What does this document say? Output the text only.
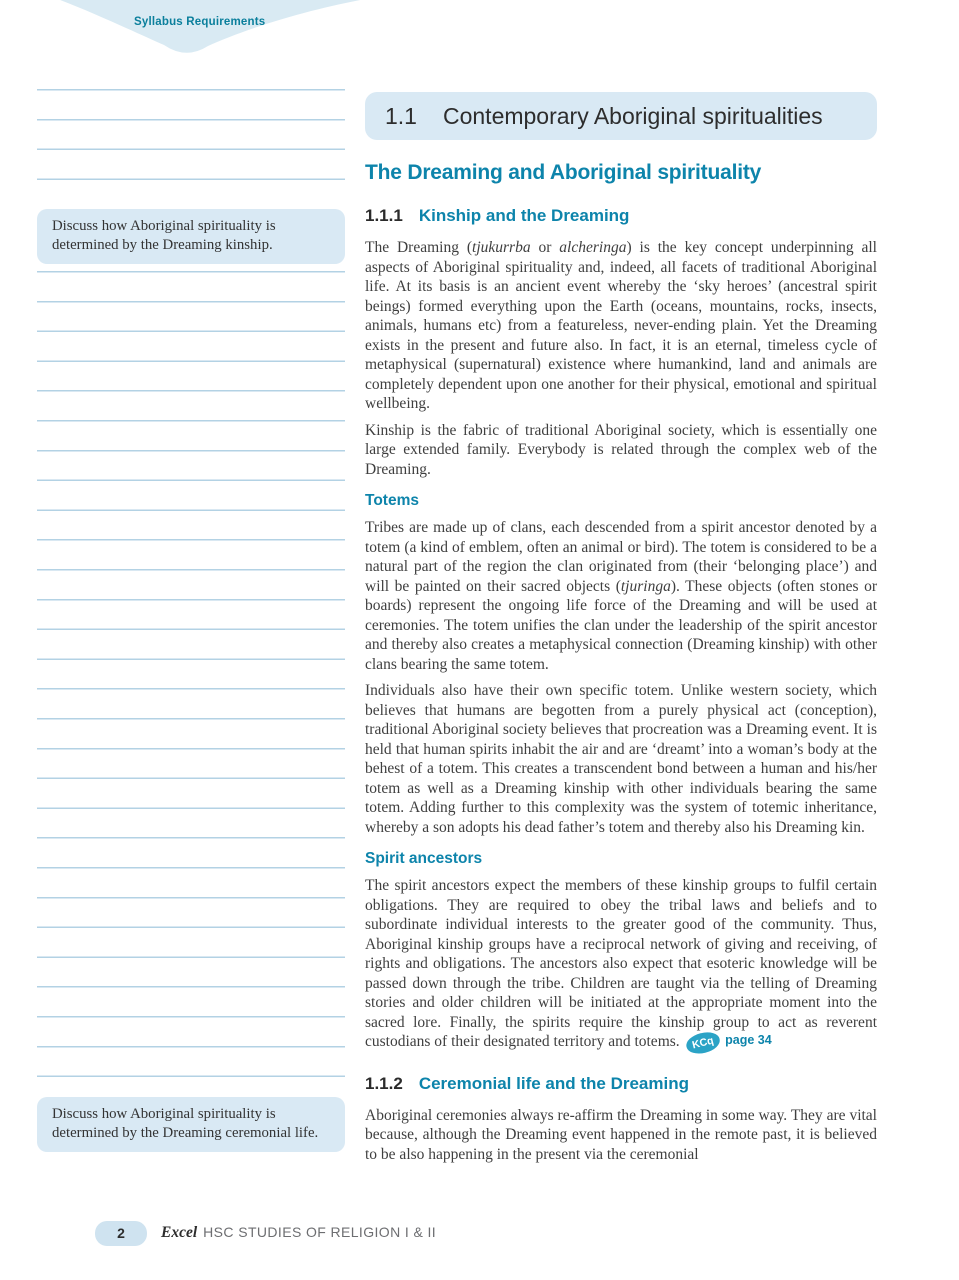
Syllabus Requirements
Discuss how Aboriginal spirituality is determined by the Dreaming kinship.
Discuss how Aboriginal spirituality is determined by the Dreaming ceremonial life.
1.1 Contemporary Aboriginal spiritualities
The Dreaming and Aboriginal spirituality
1.1.1 Kinship and the Dreaming

The Dreaming (tjukurrba or alcheringa) is the key concept underpinning all aspects of Aboriginal spirituality and, indeed, all facets of traditional Aboriginal life. At its basis is an ancient event whereby the ‘sky heroes’ (ancestral spirit beings) formed everything upon the Earth (oceans, mountains, rocks, insects, animals, humans etc) from a featureless, never-ending plain. Yet the Dreaming exists in the present and future also. In fact, it is an eternal, timeless cycle of metaphysical (supernatural) existence where humankind, land and animals are completely dependent upon one another for their physical, emotional and spiritual wellbeing.

Kinship is the fabric of traditional Aboriginal society, which is essentially one large extended family. Everybody is related through the complex web of the Dreaming.

Totems

Tribes are made up of clans, each descended from a spirit ancestor denoted by a totem (a kind of emblem, often an animal or bird). The totem is considered to be a natural part of the region the clan originated from (their ‘belonging place’) and will be painted on their sacred objects (tjuringa). These objects (often stones or boards) represent the ongoing life force of the Dreaming and will be used at ceremonies. The totem unifies the clan under the leadership of the spirit ancestor and thereby also creates a metaphysical connection (Dreaming kinship) with other clans bearing the same totem.

Individuals also have their own specific totem. Unlike western society, which believes that humans are begotten from a purely physical act (conception), traditional Aboriginal society believes that procreation was a Dreaming event. It is held that human spirits inhabit the air and are ‘dreamt’ into a woman’s body at the behest of a totem. This creates a transcendent bond between a human and his/her totem as well as a Dreaming kinship with other individuals bearing the same totem. Adding further to this complexity was the system of totemic inheritance, whereby a son adopts his dead father’s totem and thereby also his Dreaming kin.

Spirit ancestors

The spirit ancestors expect the members of these kinship groups to fulfil certain obligations. They are required to obey the tribal laws and beliefs and to subordinate individual interests to the greater good of the community. Thus, Aboriginal kinship groups have a reciprocal network of giving and receiving, of rights and obligations. The ancestors also expect that esoteric knowledge will be passed down through the tribe. Children are taught via the telling of Dreaming stories and older children will be initiated at the appropriate moment into the sacred lore. Finally, the spirits require the kinship group to act as reverent custodians of their designated territory and totems. KCq page 34

1.1.2 Ceremonial life and the Dreaming

Aboriginal ceremonies always re-affirm the Dreaming in some way. They are vital because, although the Dreaming event happened in the remote past, it is believed to be also happening in the present via the ceremonial

2	Excel HSC STUDIES OF RELIGION I & II
